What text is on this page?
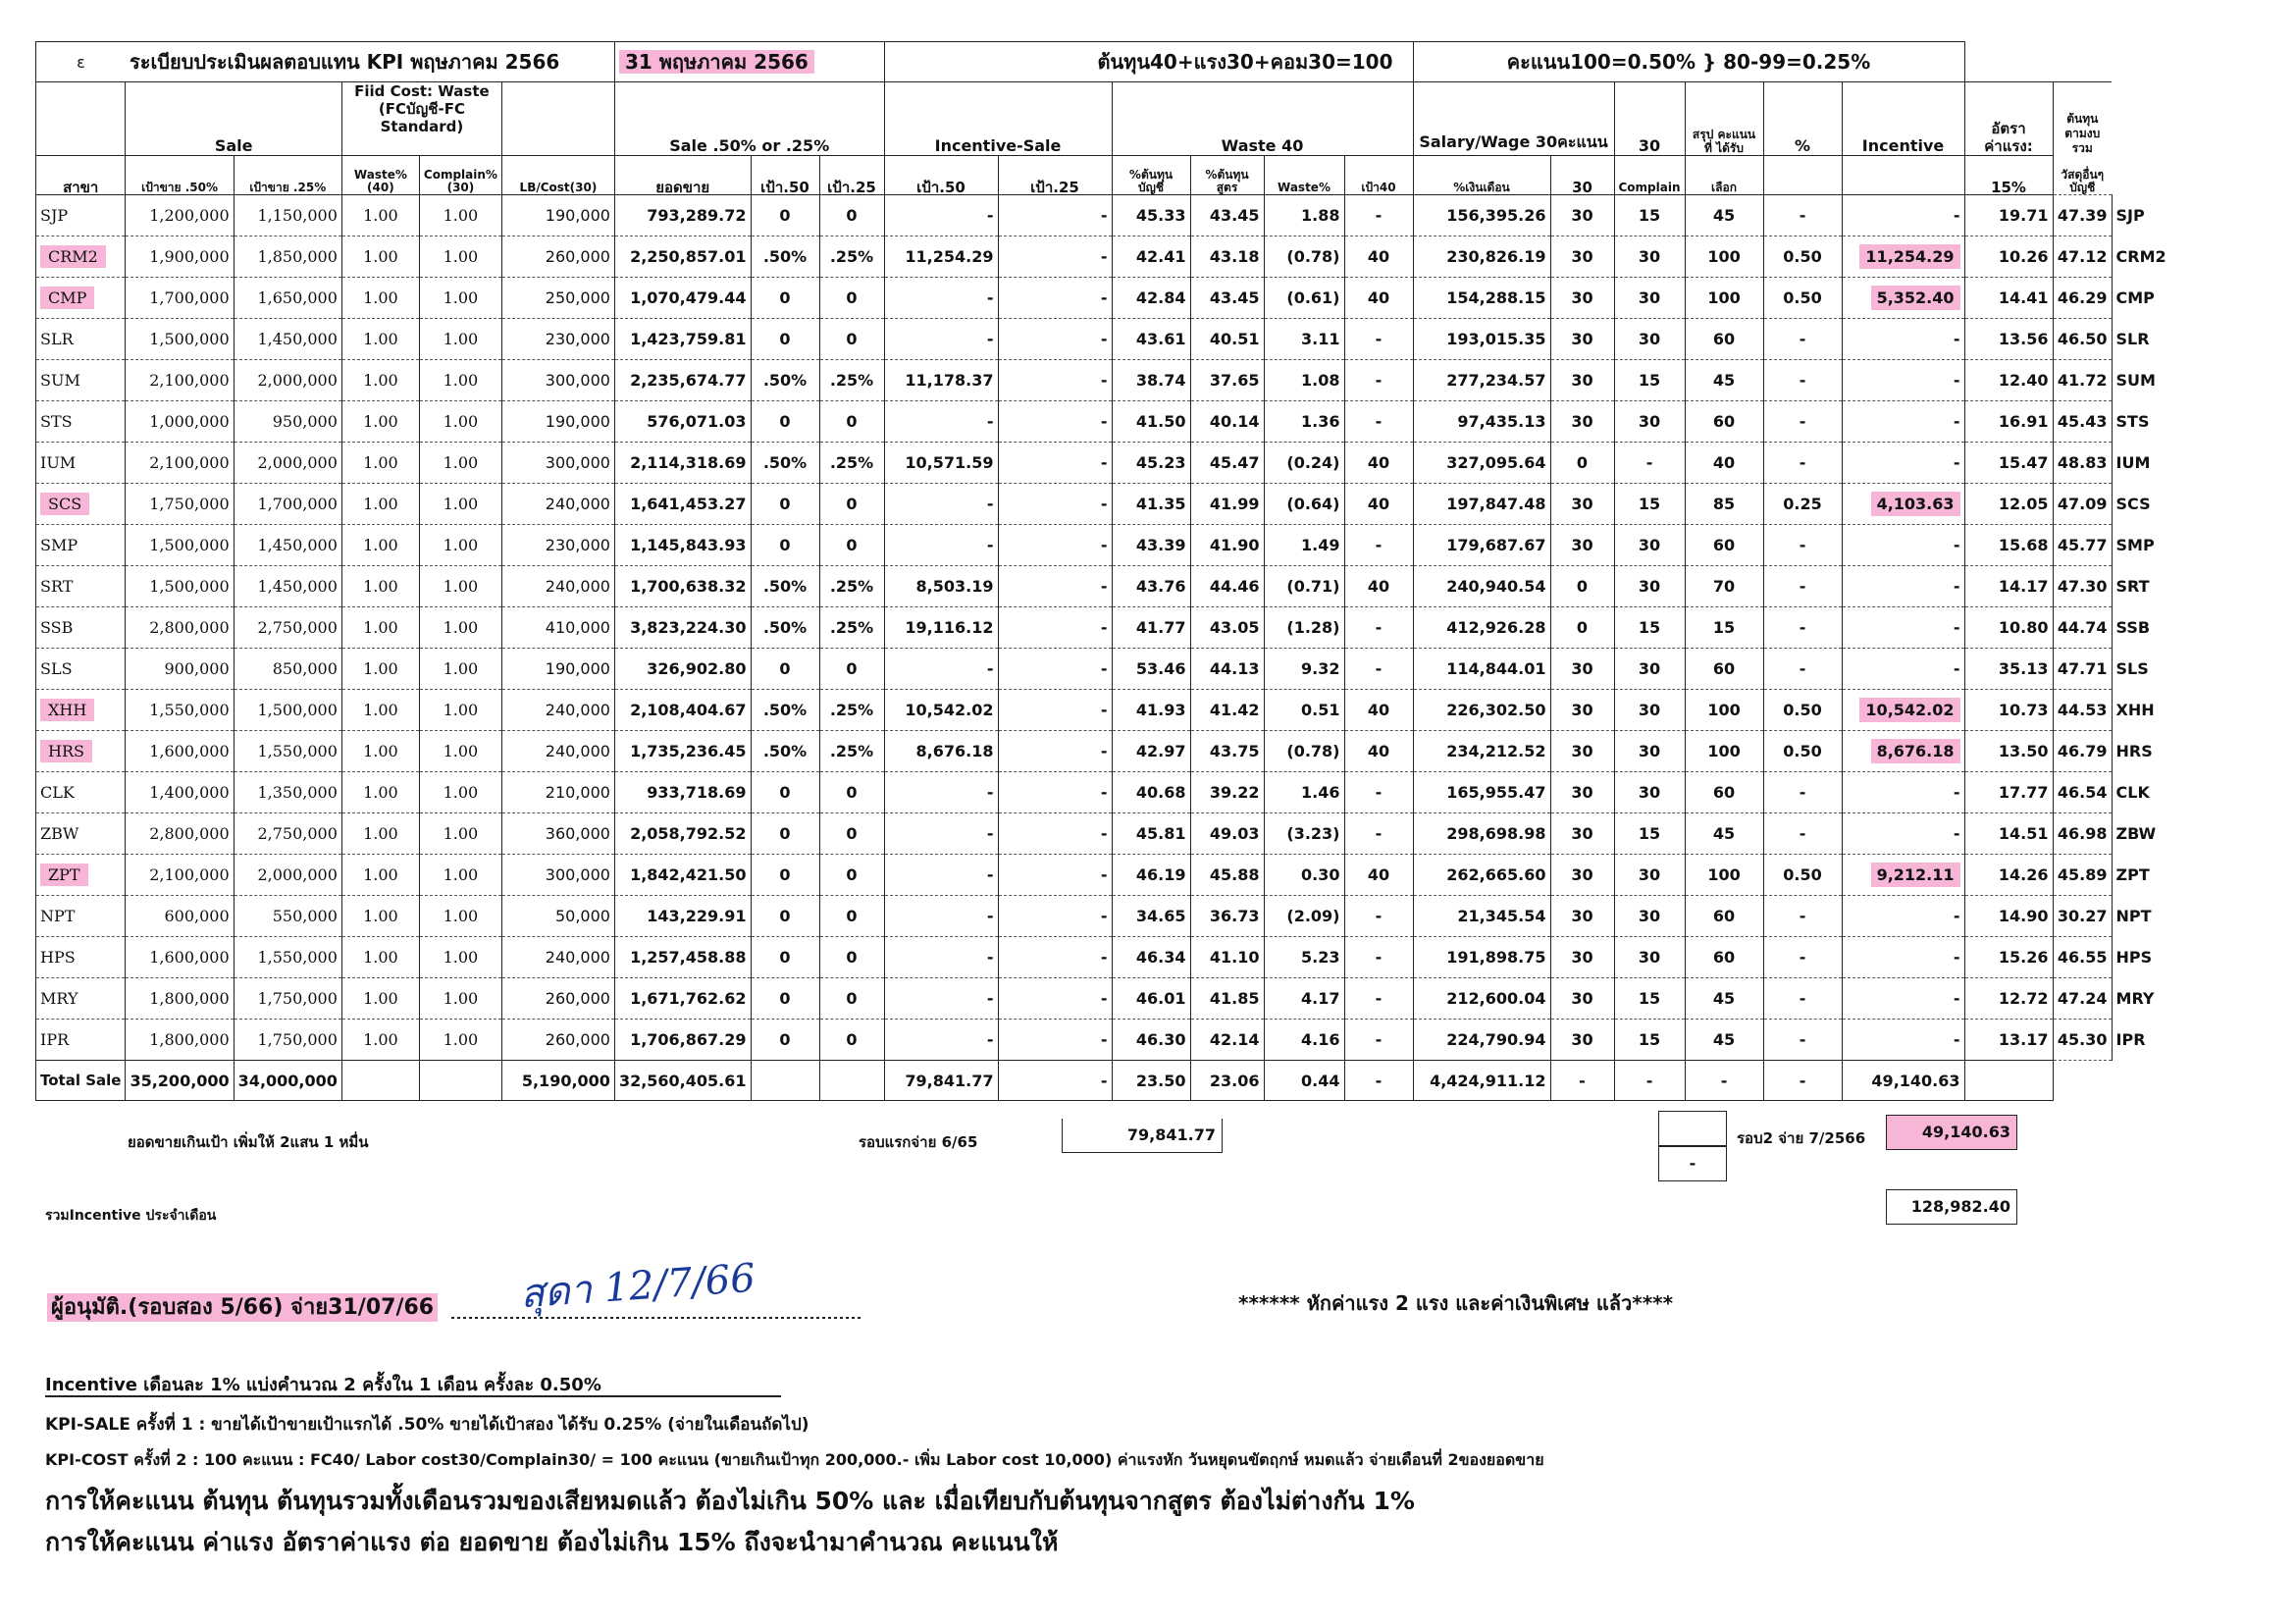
ε	ระเบียบประเมินผลตอบแทน KPI พฤษภาคม 2566					31 พฤษภาคม 2566			ต้นทุน40+แรง30+คอม30=100						คะแนน100=0.50% } 80-99=0.25%								
	Sale		Fiid Cost: Waste (FCบัญชี-FC Standard)			Sale .50% or .25%			Incentive-Sale		Waste 40				Salary/Wage 30คะแนน		30	สรุป คะแนนที่ ได้รับ	%	Incentive	อัตรา ค่าแรง:	ต้นทุน ตามงบ รวม	
สาขา	เป้าขาย .50%	เป้าขาย .25%	Waste%(40)	Complain%(30)	LB/Cost(30)	ยอดขาย	เป้า.50	เป้า.25	เป้า.50	เป้า.25	%ต้นทุน บัญชี	%ต้นทุน สูตร	Waste%	เป้า40	%เงินเดือน	30	Complain	เลือก			15%	วัสดุอื่นๆบัญชี	
SJP	1,200,000	1,150,000	1.00	1.00	190,000	793,289.72	0	0	-	-	45.33	43.45	1.88	-	156,395.26	30	15	45	-	-	19.71	47.39	SJP
CRM2	1,900,000	1,850,000	1.00	1.00	260,000	2,250,857.01	.50%	.25%	11,254.29	-	42.41	43.18	(0.78)	40	230,826.19	30	30	100	0.50	11,254.29	10.26	47.12	CRM2
CMP	1,700,000	1,650,000	1.00	1.00	250,000	1,070,479.44	0	0	-	-	42.84	43.45	(0.61)	40	154,288.15	30	30	100	0.50	5,352.40	14.41	46.29	CMP
SLR	1,500,000	1,450,000	1.00	1.00	230,000	1,423,759.81	0	0	-	-	43.61	40.51	3.11	-	193,015.35	30	30	60	-	-	13.56	46.50	SLR
SUM	2,100,000	2,000,000	1.00	1.00	300,000	2,235,674.77	.50%	.25%	11,178.37	-	38.74	37.65	1.08	-	277,234.57	30	15	45	-	-	12.40	41.72	SUM
STS	1,000,000	950,000	1.00	1.00	190,000	576,071.03	0	0	-	-	41.50	40.14	1.36	-	97,435.13	30	30	60	-	-	16.91	45.43	STS
IUM	2,100,000	2,000,000	1.00	1.00	300,000	2,114,318.69	.50%	.25%	10,571.59	-	45.23	45.47	(0.24)	40	327,095.64	0	-	40	-	-	15.47	48.83	IUM
SCS	1,750,000	1,700,000	1.00	1.00	240,000	1,641,453.27	0	0	-	-	41.35	41.99	(0.64)	40	197,847.48	30	15	85	0.25	4,103.63	12.05	47.09	SCS
SMP	1,500,000	1,450,000	1.00	1.00	230,000	1,145,843.93	0	0	-	-	43.39	41.90	1.49	-	179,687.67	30	30	60	-	-	15.68	45.77	SMP
SRT	1,500,000	1,450,000	1.00	1.00	240,000	1,700,638.32	.50%	.25%	8,503.19	-	43.76	44.46	(0.71)	40	240,940.54	0	30	70	-	-	14.17	47.30	SRT
SSB	2,800,000	2,750,000	1.00	1.00	410,000	3,823,224.30	.50%	.25%	19,116.12	-	41.77	43.05	(1.28)	-	412,926.28	0	15	15	-	-	10.80	44.74	SSB
SLS	900,000	850,000	1.00	1.00	190,000	326,902.80	0	0	-	-	53.46	44.13	9.32	-	114,844.01	30	30	60	-	-	35.13	47.71	SLS
XHH	1,550,000	1,500,000	1.00	1.00	240,000	2,108,404.67	.50%	.25%	10,542.02	-	41.93	41.42	0.51	40	226,302.50	30	30	100	0.50	10,542.02	10.73	44.53	XHH
HRS	1,600,000	1,550,000	1.00	1.00	240,000	1,735,236.45	.50%	.25%	8,676.18	-	42.97	43.75	(0.78)	40	234,212.52	30	30	100	0.50	8,676.18	13.50	46.79	HRS
CLK	1,400,000	1,350,000	1.00	1.00	210,000	933,718.69	0	0	-	-	40.68	39.22	1.46	-	165,955.47	30	30	60	-	-	17.77	46.54	CLK
ZBW	2,800,000	2,750,000	1.00	1.00	360,000	2,058,792.52	0	0	-	-	45.81	49.03	(3.23)	-	298,698.98	30	15	45	-	-	14.51	46.98	ZBW
ZPT	2,100,000	2,000,000	1.00	1.00	300,000	1,842,421.50	0	0	-	-	46.19	45.88	0.30	40	262,665.60	30	30	100	0.50	9,212.11	14.26	45.89	ZPT
NPT	600,000	550,000	1.00	1.00	50,000	143,229.91	0	0	-	-	34.65	36.73	(2.09)	-	21,345.54	30	30	60	-	-	14.90	30.27	NPT
HPS	1,600,000	1,550,000	1.00	1.00	240,000	1,257,458.88	0	0	-	-	46.34	41.10	5.23	-	191,898.75	30	30	60	-	-	15.26	46.55	HPS
MRY	1,800,000	1,750,000	1.00	1.00	260,000	1,671,762.62	0	0	-	-	46.01	41.85	4.17	-	212,600.04	30	15	45	-	-	12.72	47.24	MRY
IPR	1,800,000	1,750,000	1.00	1.00	260,000	1,706,867.29	0	0	-	-	46.30	42.14	4.16	-	224,790.94	30	15	45	-	-	13.17	45.30	IPR
Total Sale	35,200,000	34,000,000			5,190,000	32,560,405.61			79,841.77	-	23.50	23.06	0.44	-	4,424,911.12	-	-	-	-	49,140.63			
ยอดขายเกินเป้า เพิ่มให้ 2แสน 1 หมื่น	รอบแรกจ่าย 6/65	79,841.77
-
รอบ2 จ่าย 7/2566	49,140.63
รวมIncentive ประจำเดือน	128,982.40
ผู้อนุมัติ.(รอบสอง 5/66) จ่าย31/07/66 สุดา 12/7/66	****** หักค่าแรง 2 แรง และค่าเงินพิเศษ แล้ว****
Incentive เดือนละ 1% แบ่งคำนวณ 2 ครั้งใน 1 เดือน ครั้งละ 0.50%
KPI-SALE ครั้งที่ 1 : ขายได้เป้าขายเป้าแรกได้ .50% ขายได้เป้าสอง ได้รับ 0.25% (จ่ายในเดือนถัดไป)
KPI-COST ครั้งที่ 2 : 100 คะแนน : FC40/ Labor cost30/Complain30/ = 100 คะแนน (ขายเกินเป้าทุก 200,000.- เพิ่ม Labor cost 10,000) ค่าแรงหัก วันหยุดนขัตฤกษ์ หมดแล้ว จ่ายเดือนที่ 2ของยอดขาย
การให้คะแนน ต้นทุน ต้นทุนรวมทั้งเดือนรวมของเสียหมดแล้ว ต้องไม่เกิน 50% และ เมื่อเทียบกับต้นทุนจากสูตร ต้องไม่ต่างกัน 1%
การให้คะแนน ค่าแรง อัตราค่าแรง ต่อ ยอดขาย ต้องไม่เกิน 15% ถึงจะนำมาคำนวณ คะแนนให้
